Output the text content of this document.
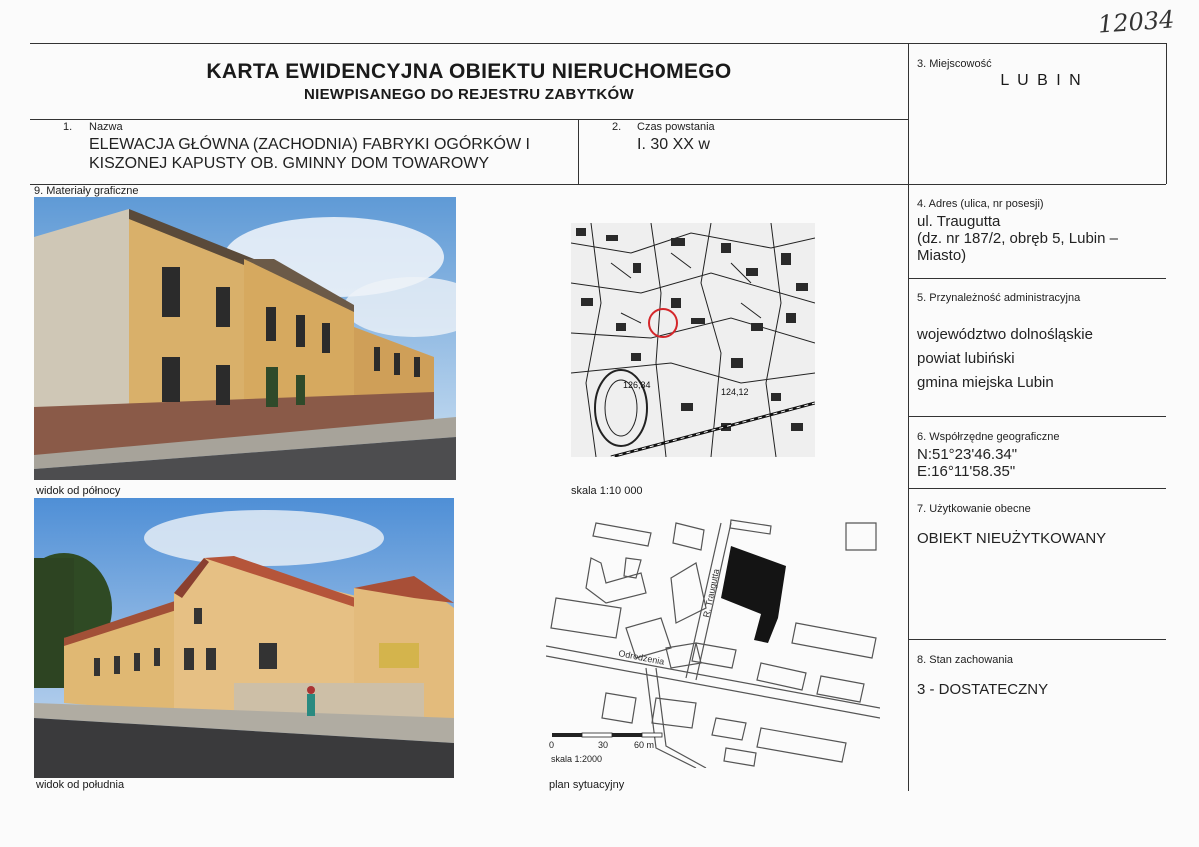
12034
KARTA EWIDENCYJNA OBIEKTU NIERUCHOMEGO
NIEWPISANEGO DO REJESTRU ZABYTKÓW
1. Nazwa
ELEWACJA GŁÓWNA (ZACHODNIA) FABRYKI OGÓRKÓW I
KISZONEJ KAPUSTY OB. GMINNY DOM TOWAROWY
2. Czas powstania
I. 30 XX w
3. Miejscowość
L U B I N
4. Adres (ulica, nr posesji)
ul. Traugutta
(dz. nr 187/2, obręb 5, Lubin –
Miasto)
5. Przynależność administracyjna
województwo dolnośląskie
powiat lubiński
gmina miejska Lubin
6. Współrzędne geograficzne
N:51°23'46.34"
E:16°11'58.35"
7. Użytkowanie obecne
OBIEKT NIEUŻYTKOWANY
8. Stan zachowania
3 - DOSTATECZNY
9. Materiały graficzne
widok od północy
widok od południa
126,34
124,12
skala 1:10 000
R. Traugutta
Odrodzenia
0	30	60 m
skala 1:2000
plan sytuacyjny
